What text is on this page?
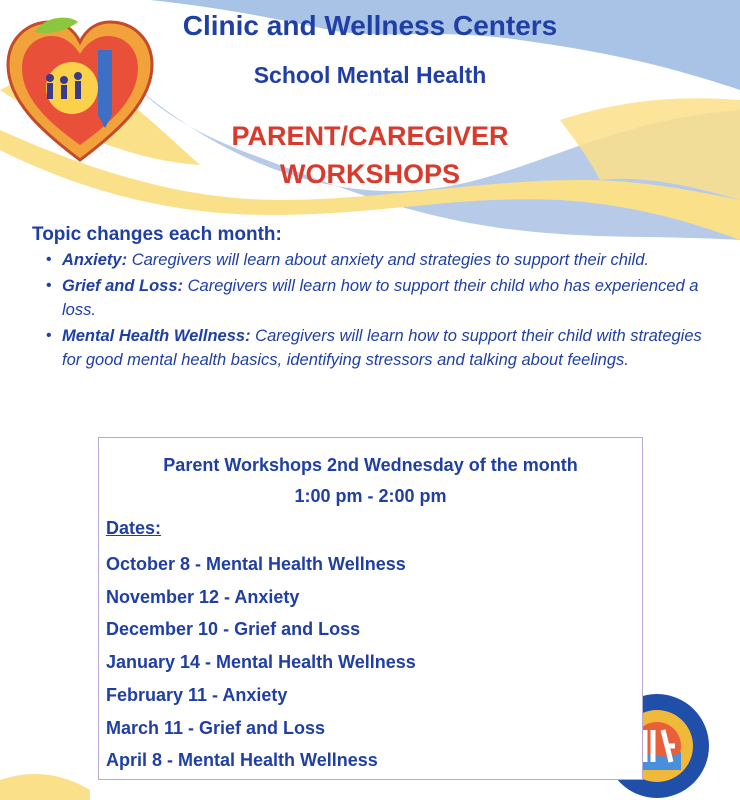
Clinic and Wellness Centers
School Mental Health
PARENT/CAREGIVER
WORKSHOPS

Topic changes each month:

• Anxiety: Caregivers will learn about anxiety and strategies to support their child.
• Grief and Loss: Caregivers will learn how to support their child who has experienced a loss.
• Mental Health Wellness: Caregivers will learn how to support their child with strategies for good mental health basics, identifying stressors and talking about feelings.

Parent Workshops 2nd Wednesday of the month

1:00 pm - 2:00 pm

Dates:

October 8 - Mental Health Wellness
November 12 - Anxiety
December 10 - Grief and Loss
January 14 - Mental Health Wellness
February 11 - Anxiety
March 11 - Grief and Loss
April 8 - Mental Health Wellness
